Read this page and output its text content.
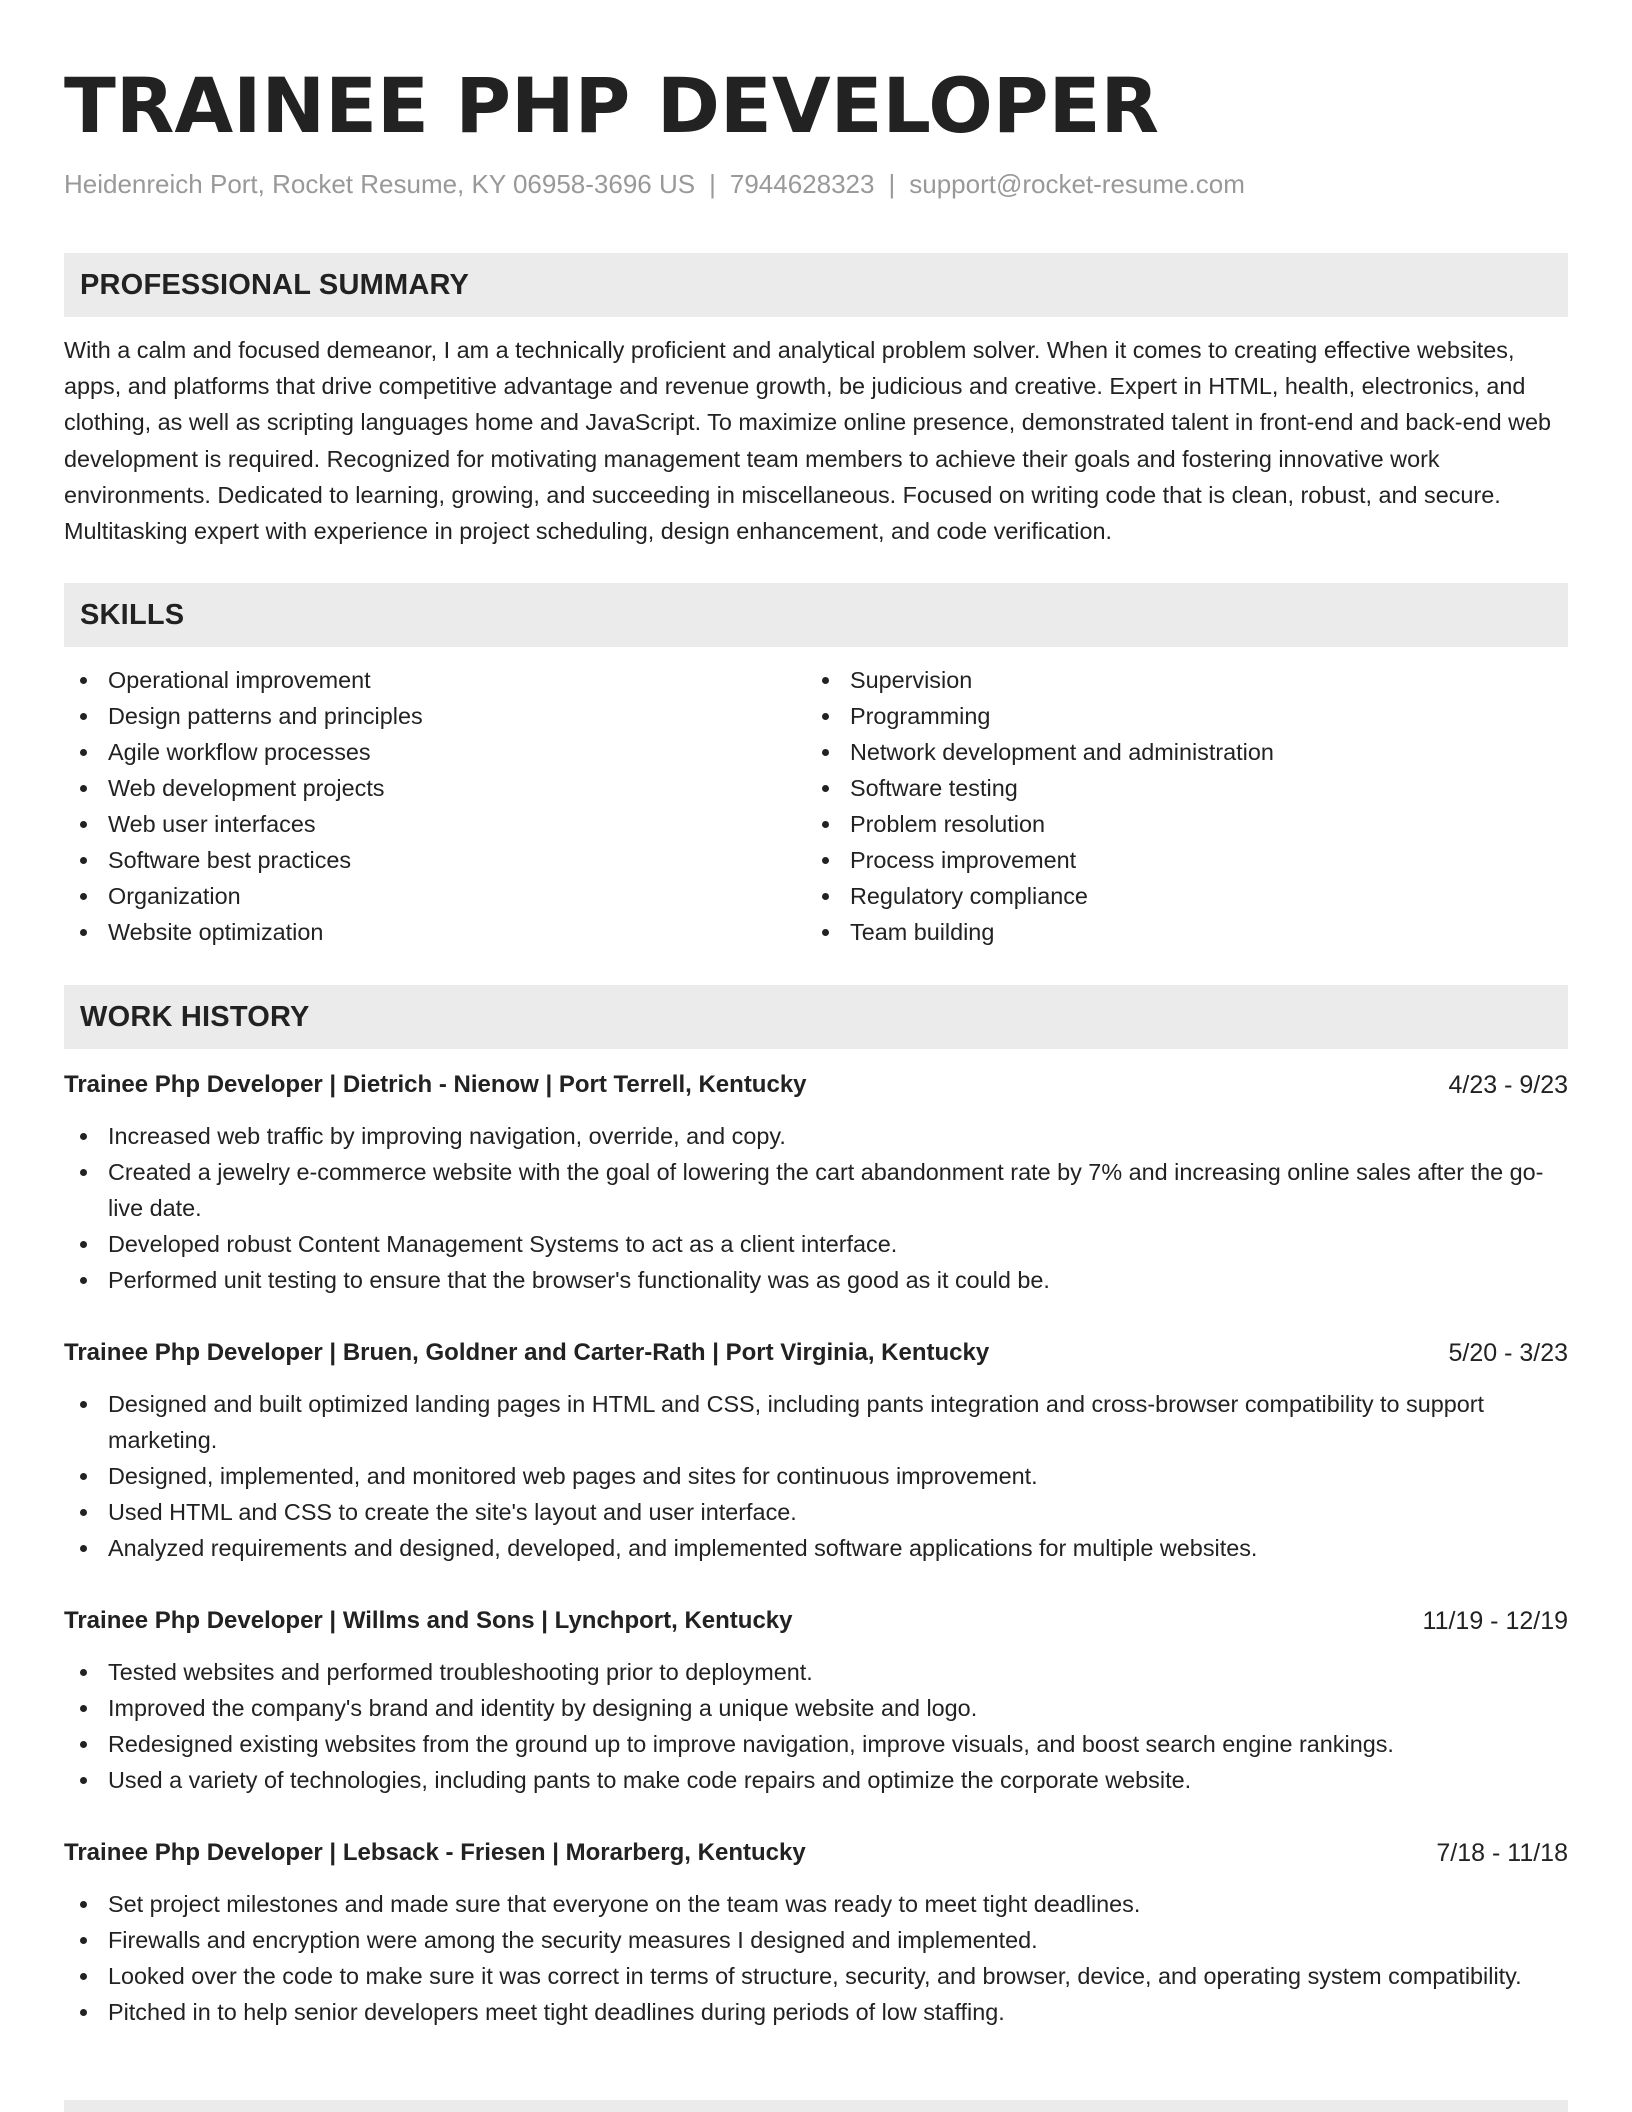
TRAINEE PHP DEVELOPER
Heidenreich Port, Rocket Resume, KY 06958-3696 US | 7944628323 | support@rocket-resume.com
PROFESSIONAL SUMMARY

With a calm and focused demeanor, I am a technically proficient and analytical problem solver. When it comes to creating effective websites, apps, and platforms that drive competitive advantage and revenue growth, be judicious and creative. Expert in HTML, health, electronics, and clothing, as well as scripting languages home and JavaScript. To maximize online presence, demonstrated talent in front-end and back-end web development is required. Recognized for motivating management team members to achieve their goals and fostering innovative work environments. Dedicated to learning, growing, and succeeding in miscellaneous. Focused on writing code that is clean, robust, and secure. Multitasking expert with experience in project scheduling, design enhancement, and code verification.

SKILLS
Operational improvement
Design patterns and principles
Agile workflow processes
Web development projects
Web user interfaces
Software best practices
Organization
Website optimization
Supervision
Programming
Network development and administration
Software testing
Problem resolution
Process improvement
Regulatory compliance
Team building
WORK HISTORY
Trainee Php Developer | Dietrich - Nienow | Port Terrell, Kentucky	4/23 - 9/23
Increased web traffic by improving navigation, override, and copy.
Created a jewelry e-commerce website with the goal of lowering the cart abandonment rate by 7% and increasing online sales after the go-live date.
Developed robust Content Management Systems to act as a client interface.
Performed unit testing to ensure that the browser's functionality was as good as it could be.
Trainee Php Developer | Bruen, Goldner and Carter-Rath | Port Virginia, Kentucky	5/20 - 3/23
Designed and built optimized landing pages in HTML and CSS, including pants integration and cross-browser compatibility to support marketing.
Designed, implemented, and monitored web pages and sites for continuous improvement.
Used HTML and CSS to create the site's layout and user interface.
Analyzed requirements and designed, developed, and implemented software applications for multiple websites.
Trainee Php Developer | Willms and Sons | Lynchport, Kentucky	11/19 - 12/19
Tested websites and performed troubleshooting prior to deployment.
Improved the company's brand and identity by designing a unique website and logo.
Redesigned existing websites from the ground up to improve navigation, improve visuals, and boost search engine rankings.
Used a variety of technologies, including pants to make code repairs and optimize the corporate website.
Trainee Php Developer | Lebsack - Friesen | Morarberg, Kentucky	7/18 - 11/18
Set project milestones and made sure that everyone on the team was ready to meet tight deadlines.
Firewalls and encryption were among the security measures I designed and implemented.
Looked over the code to make sure it was correct in terms of structure, security, and browser, device, and operating system compatibility.
Pitched in to help senior developers meet tight deadlines during periods of low staffing.
